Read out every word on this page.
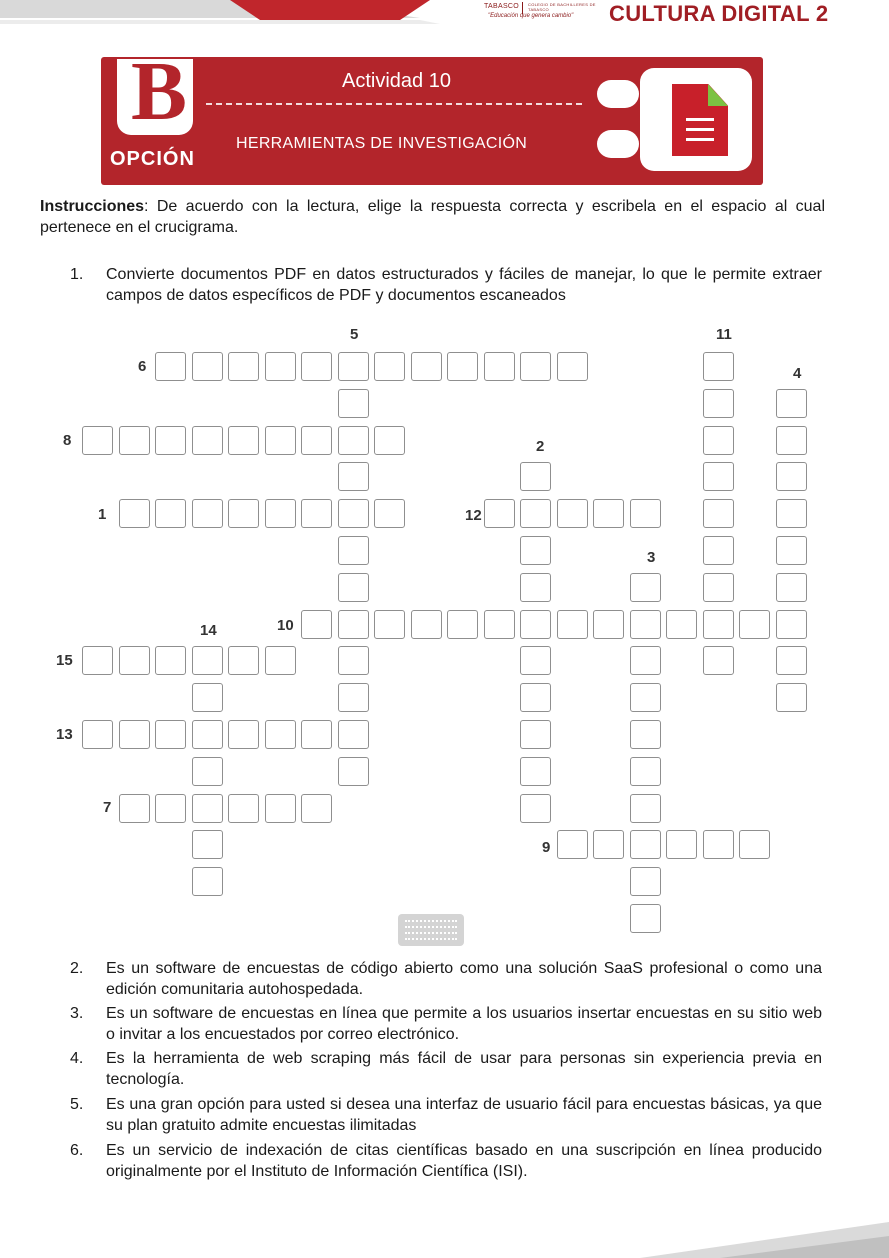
TABASCO COLEGIO DE BACHILLERES DE TABASCO
"Educación que genera cambio" CULTURA DIGITAL 2
B
OPCIÓN
Actividad 10
HERRAMIENTAS DE INVESTIGACIÓN
Instrucciones: De acuerdo con la lectura, elige la respuesta correcta y escribela en el espacio al cual pertenece en el crucigrama.
1. Convierte documentos PDF en datos estructurados y fáciles de manejar, lo que le permite extraer campos de datos específicos de PDF y documentos escaneados
1
2
3
4
5
6
7
8
9
10
11
12
13
14
15
2. Es un software de encuestas de código abierto como una solución SaaS profesional o como una edición comunitaria autohospedada.
3. Es un software de encuestas en línea que permite a los usuarios insertar encuestas en su sitio web o invitar a los encuestados por correo electrónico.
4. Es la herramienta de web scraping más fácil de usar para personas sin experiencia previa en tecnología.
5. Es una gran opción para usted si desea una interfaz de usuario fácil para encuestas básicas, ya que su plan gratuito admite encuestas ilimitadas
6. Es un servicio de indexación de citas científicas basado en una suscripción en línea producido originalmente por el Instituto de Información Científica (ISI).
